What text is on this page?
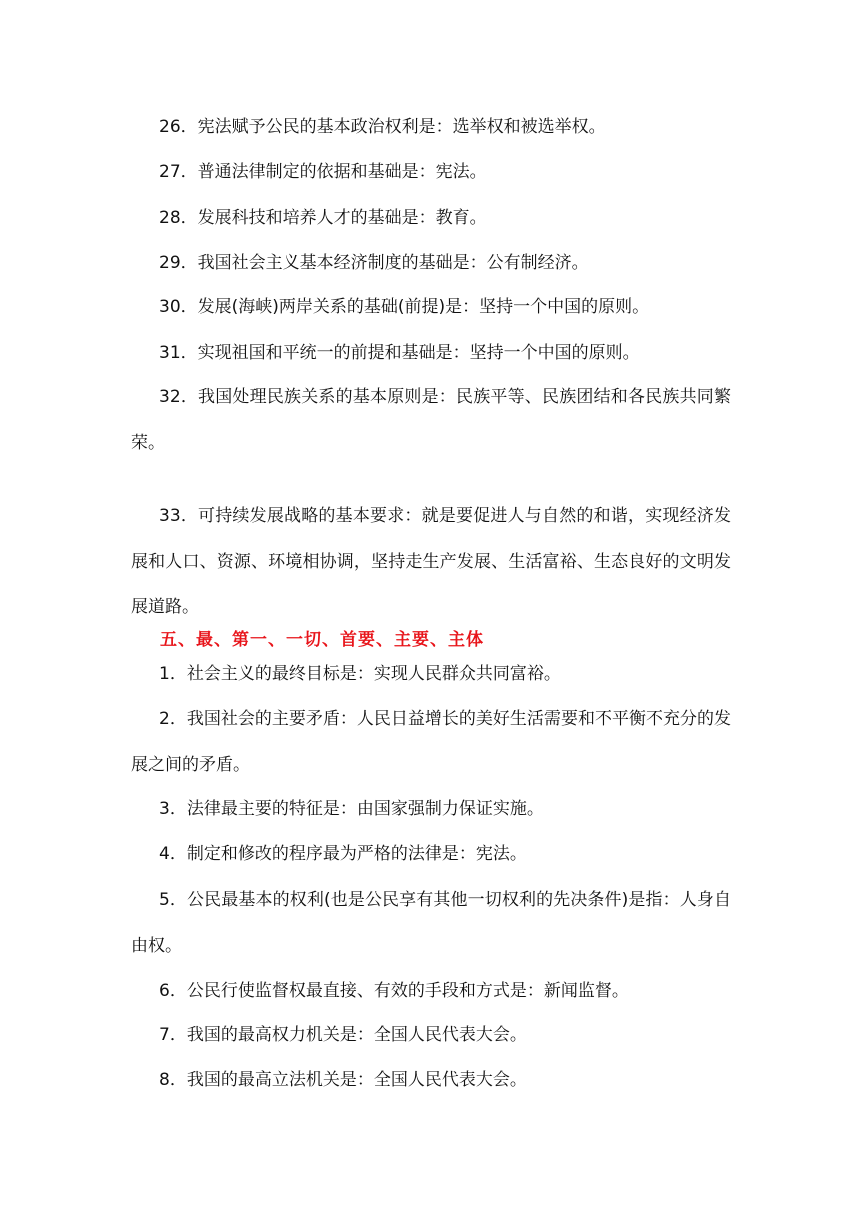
26．宪法赋予公民的基本政治权利是：选举权和被选举权。

27．普通法律制定的依据和基础是：宪法。

28．发展科技和培养人才的基础是：教育。

29．我国社会主义基本经济制度的基础是：公有制经济。

30．发展(海峡)两岸关系的基础(前提)是：坚持一个中国的原则。

31．实现祖国和平统一的前提和基础是：坚持一个中国的原则。

32．我国处理民族关系的基本原则是：民族平等、民族团结和各民族共同繁荣。

33．可持续发展战略的基本要求：就是要促进人与自然的和谐，实现经济发展和人口、资源、环境相协调，坚持走生产发展、生活富裕、生态良好的文明发展道路。

五、最、第一、一切、首要、主要、主体

1．社会主义的最终目标是：实现人民群众共同富裕。

2．我国社会的主要矛盾：人民日益增长的美好生活需要和不平衡不充分的发展之间的矛盾。

3．法律最主要的特征是：由国家强制力保证实施。

4．制定和修改的程序最为严格的法律是：宪法。

5．公民最基本的权利(也是公民享有其他一切权利的先决条件)是指：人身自由权。

6．公民行使监督权最直接、有效的手段和方式是：新闻监督。

7．我国的最高权力机关是：全国人民代表大会。

8．我国的最高立法机关是：全国人民代表大会。
